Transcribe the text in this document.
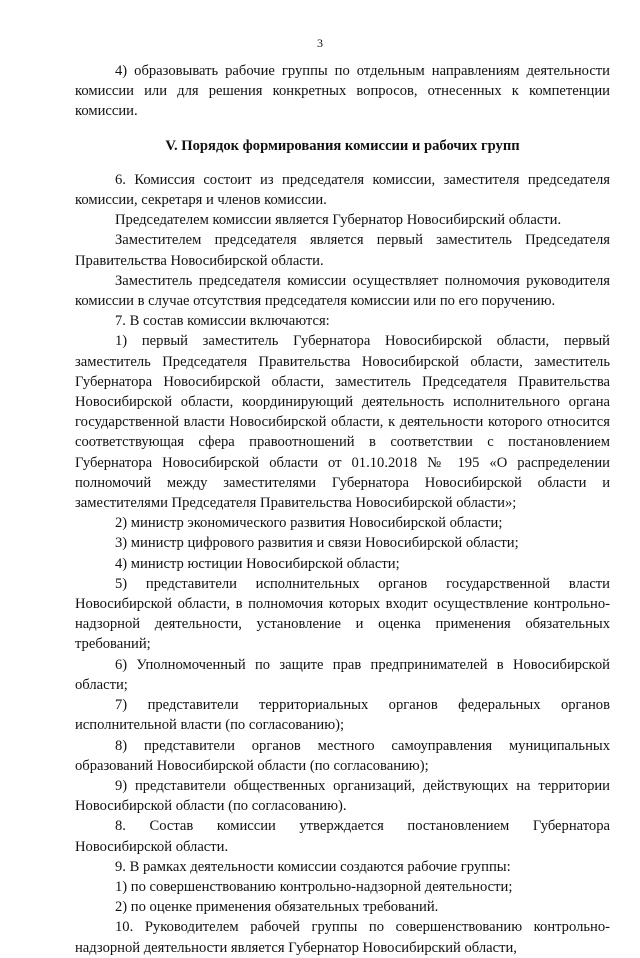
3

4) образовывать рабочие группы по отдельным направлениям деятельности комиссии или для решения конкретных вопросов, отнесенных к компетенции комиссии.

V. Порядок формирования комиссии и рабочих групп

6. Комиссия состоит из председателя комиссии, заместителя председателя комиссии, секретаря и членов комиссии.

Председателем комиссии является Губернатор Новосибирский области.

Заместителем председателя является первый заместитель Председателя Правительства Новосибирской области.

Заместитель председателя комиссии осуществляет полномочия руководителя комиссии в случае отсутствия председателя комиссии или по его поручению.

7. В состав комиссии включаются:

1) первый заместитель Губернатора Новосибирской области, первый заместитель Председателя Правительства Новосибирской области, заместитель Губернатора Новосибирской области, заместитель Председателя Правительства Новосибирской области, координирующий деятельность исполнительного органа государственной власти Новосибирской области, к деятельности которого относится соответствующая сфера правоотношений в соответствии с постановлением Губернатора Новосибирской области от 01.10.2018 № 195 «О распределении полномочий между заместителями Губернатора Новосибирской области и заместителями Председателя Правительства Новосибирской области»;

2) министр экономического развития Новосибирской области;

3) министр цифрового развития и связи Новосибирской области;

4) министр юстиции Новосибирской области;

5) представители исполнительных органов государственной власти Новосибирской области, в полномочия которых входит осуществление контрольно-надзорной деятельности, установление и оценка применения обязательных требований;

6) Уполномоченный по защите прав предпринимателей в Новосибирской области;

7) представители территориальных органов федеральных органов исполнительной власти (по согласованию);

8) представители органов местного самоуправления муниципальных образований Новосибирской области (по согласованию);

9) представители общественных организаций, действующих на территории Новосибирской области (по согласованию).

8. Состав комиссии утверждается постановлением Губернатора Новосибирской области.

9. В рамках деятельности комиссии создаются рабочие группы:

1) по совершенствованию контрольно-надзорной деятельности;

2) по оценке применения обязательных требований.

10. Руководителем рабочей группы по совершенствованию контрольно-надзорной деятельности является Губернатор Новосибирский области,
